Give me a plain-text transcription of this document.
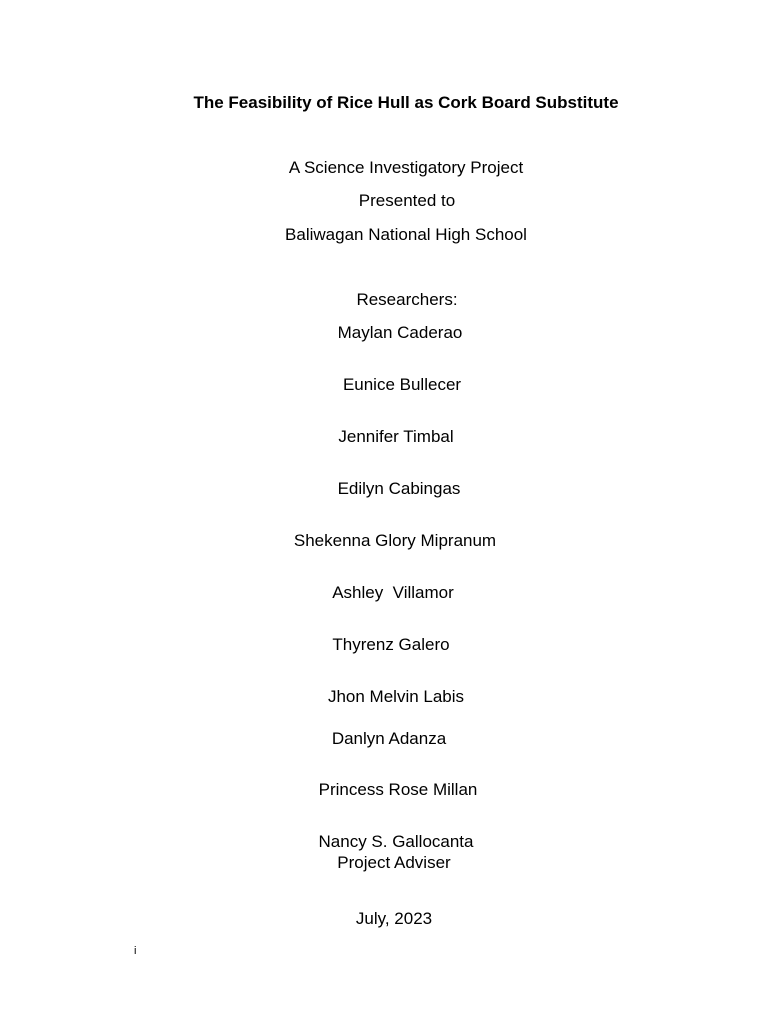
The Feasibility of Rice Hull as Cork Board Substitute
A Science Investigatory Project
Presented to
Baliwagan National High School
Researchers:
Maylan Caderao
Eunice Bullecer
Jennifer Timbal
Edilyn Cabingas
Shekenna Glory Mipranum
Ashley  Villamor
Thyrenz Galero
Jhon Melvin Labis
Danlyn Adanza
Princess Rose Millan
Nancy S. Gallocanta
Project Adviser
July, 2023
i
